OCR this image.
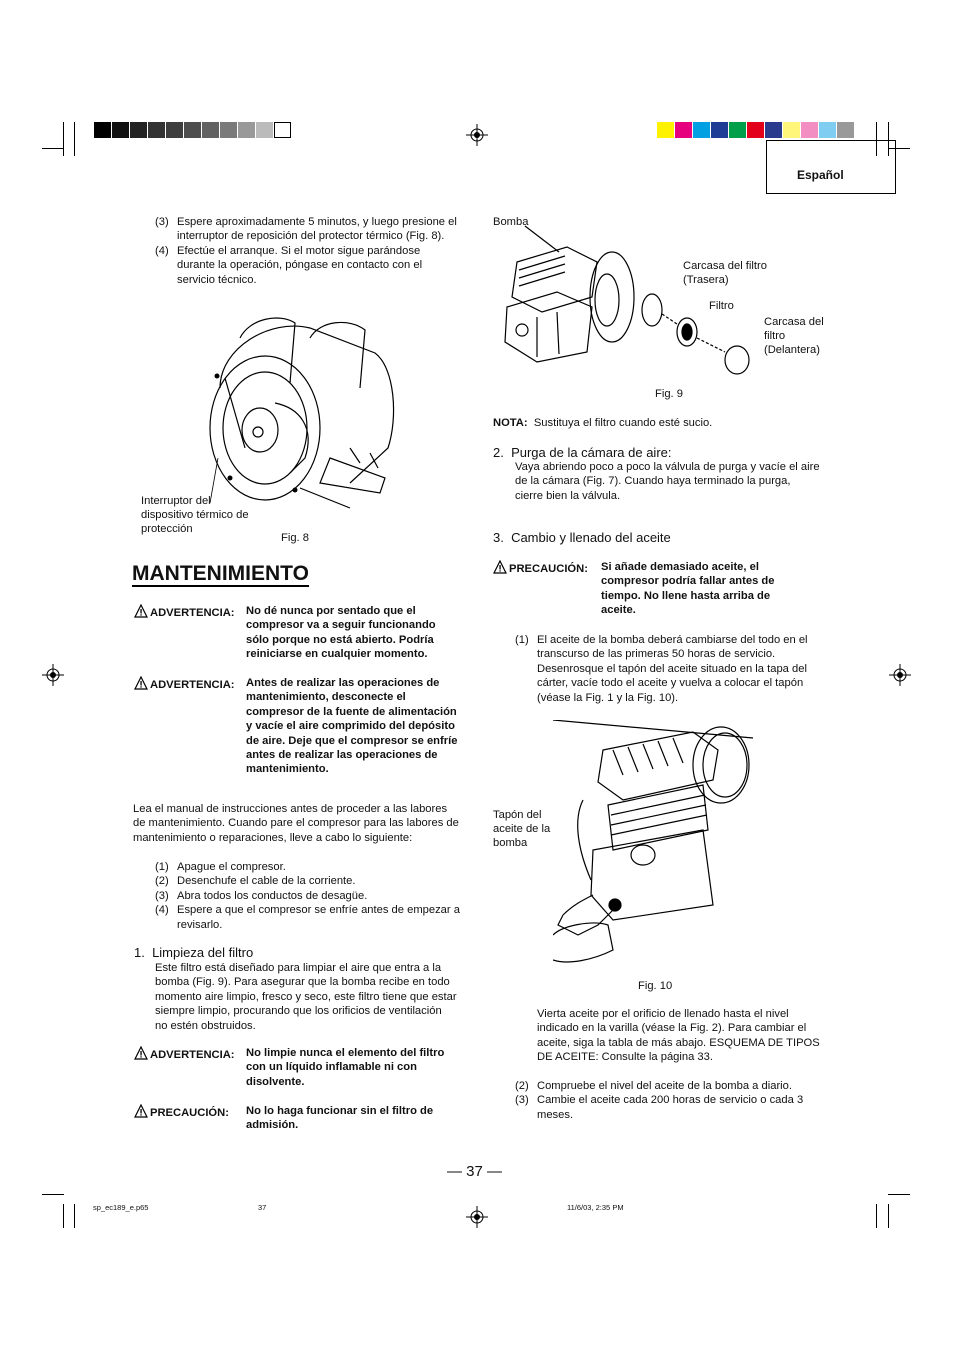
Español
(3) Espere aproximadamente 5 minutos, y luego presione el interruptor de reposición del protector térmico (Fig. 8).
(4) Efectúe el arranque. Si el motor sigue parándose durante la operación, póngase en contacto con el servicio técnico.
Interruptor del dispositivo térmico de protección
Fig. 8
MANTENIMIENTO
ADVERTENCIA: No dé nunca por sentado que el compresor va a seguir funcionando sólo porque no está abierto. Podría reiniciarse en cualquier momento.
ADVERTENCIA: Antes de realizar las operaciones de mantenimiento, desconecte el compresor de la fuente de alimentación y vacíe el aire comprimido del depósito de aire. Deje que el compresor se enfríe antes de realizar las operaciones de mantenimiento.
Lea el manual de instrucciones antes de proceder a las labores de mantenimiento. Cuando pare el compresor para las labores de mantenimiento o reparaciones, lleve a cabo lo siguiente:
(1) Apague el compresor.
(2) Desenchufe el cable de la corriente.
(3) Abra todos los conductos de desagüe.
(4) Espere a que el compresor se enfríe antes de empezar a revisarlo.
1.  Limpieza del filtro
Este filtro está diseñado para limpiar el aire que entra a la bomba (Fig. 9). Para asegurar que la bomba recibe en todo momento aire limpio, fresco y seco, este filtro tiene que estar siempre limpio, procurando que los orificios de ventilación no estén obstruidos.
ADVERTENCIA: No limpie nunca el elemento del filtro con un líquido inflamable ni con disolvente.
PRECAUCIÓN: No lo haga funcionar sin el filtro de admisión.
Bomba
Carcasa del filtro (Trasera)
Filtro
Carcasa del filtro (Delantera)
Fig. 9
NOTA: Sustituya el filtro cuando esté sucio.
2.  Purga de la cámara de aire:
Vaya abriendo poco a poco la válvula de purga y vacíe el aire de la cámara (Fig. 7). Cuando haya terminado la purga, cierre bien la válvula.
3.  Cambio y llenado del aceite
PRECAUCIÓN: Si añade demasiado aceite, el compresor podría fallar antes de tiempo. No llene hasta arriba de aceite.
(1) El aceite de la bomba deberá cambiarse del todo en el transcurso de las primeras 50 horas de servicio. Desenrosque el tapón del aceite situado en la tapa del cárter, vacíe todo el aceite y vuelva a colocar el tapón (véase la Fig. 1 y la Fig. 10).
Tapón del aceite de la bomba
Fig. 10
Vierta aceite por el orificio de llenado hasta el nivel indicado en la varilla (véase la Fig. 2). Para cambiar el aceite, siga la tabla de más abajo. ESQUEMA DE TIPOS DE ACEITE: Consulte la página 33.
(2) Compruebe el nivel del aceite de la bomba a diario.
(3) Cambie el aceite cada 200 horas de servicio o cada 3 meses.
— 37 —
sp_ec189_e.p65	37	11/6/03, 2:35 PM
